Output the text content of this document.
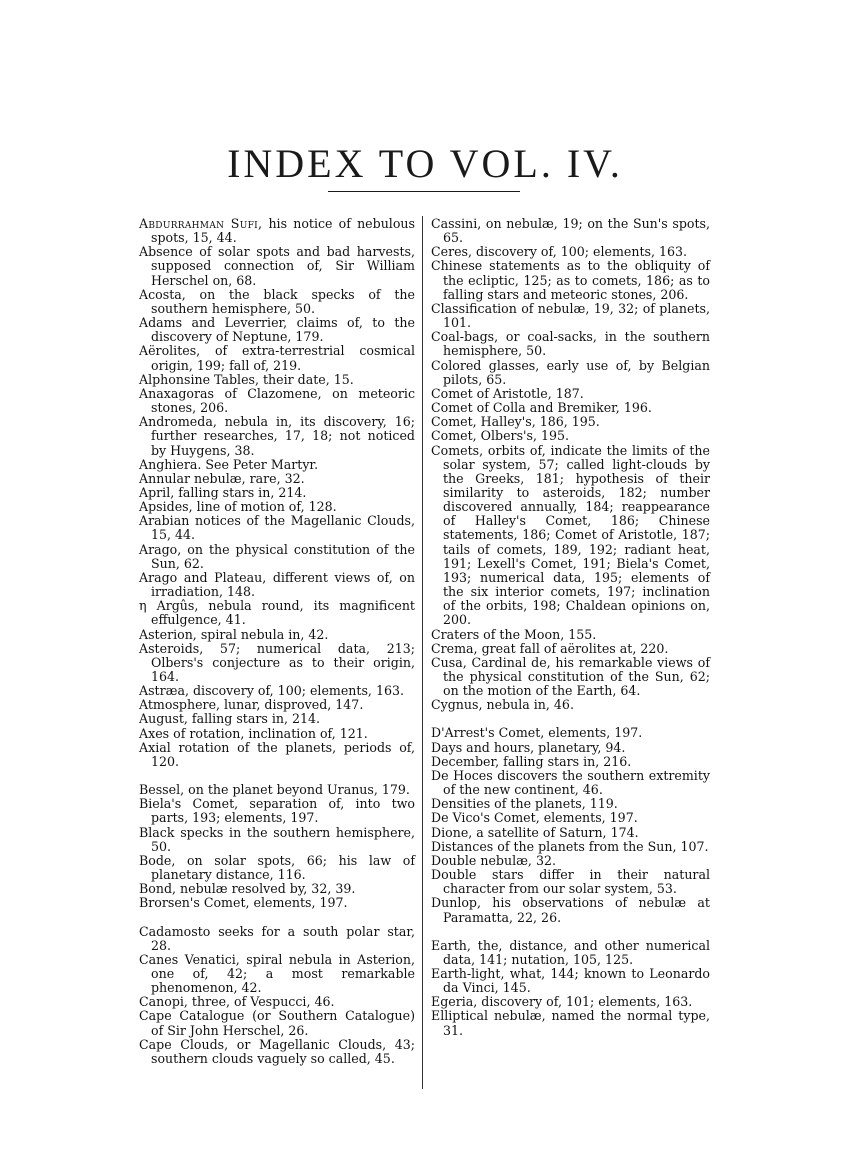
INDEX TO VOL. IV.

Abdurrahman Sufi, his notice of nebulous spots, 15, 44.

Absence of solar spots and bad harvests, supposed connection of, Sir William Herschel on, 68.

Acosta, on the black specks of the southern hemisphere, 50.

Adams and Leverrier, claims of, to the discovery of Neptune, 179.

Aërolites, of extra-terrestrial cosmical origin, 199; fall of, 219.

Alphonsine Tables, their date, 15.

Anaxagoras of Clazomene, on meteoric stones, 206.

Andromeda, nebula in, its discovery, 16; further researches, 17, 18; not noticed by Huygens, 38.

Anghiera. See Peter Martyr.

Annular nebulæ, rare, 32.

April, falling stars in, 214.

Apsides, line of motion of, 128.

Arabian notices of the Magellanic Clouds, 15, 44.

Arago, on the physical constitution of the Sun, 62.

Arago and Plateau, different views of, on irradiation, 148.

η Argûs, nebula round, its magnificent effulgence, 41.

Asterion, spiral nebula in, 42.

Asteroids, 57; numerical data, 213; Olbers's conjecture as to their origin, 164.

Astræa, discovery of, 100; elements, 163.

Atmosphere, lunar, disproved, 147.

August, falling stars in, 214.

Axes of rotation, inclination of, 121.

Axial rotation of the planets, periods of, 120.

Bessel, on the planet beyond Uranus, 179.

Biela's Comet, separation of, into two parts, 193; elements, 197.

Black specks in the southern hemisphere, 50.

Bode, on solar spots, 66; his law of planetary distance, 116.

Bond, nebulæ resolved by, 32, 39.

Brorsen's Comet, elements, 197.

Cadamosto seeks for a south polar star, 28.

Canes Venatici, spiral nebula in Asterion, one of, 42; a most remarkable phenomenon, 42.

Canopi, three, of Vespucci, 46.

Cape Catalogue (or Southern Catalogue) of Sir John Herschel, 26.

Cape Clouds, or Magellanic Clouds, 43; southern clouds vaguely so called, 45.

Cassini, on nebulæ, 19; on the Sun's spots, 65.

Ceres, discovery of, 100; elements, 163.

Chinese statements as to the obliquity of the ecliptic, 125; as to comets, 186; as to falling stars and meteoric stones, 206.

Classification of nebulæ, 19, 32; of planets, 101.

Coal-bags, or coal-sacks, in the southern hemisphere, 50.

Colored glasses, early use of, by Belgian pilots, 65.

Comet of Aristotle, 187.

Comet of Colla and Bremiker, 196.

Comet, Halley's, 186, 195.

Comet, Olbers's, 195.

Comets, orbits of, indicate the limits of the solar system, 57; called light-clouds by the Greeks, 181; hypothesis of their similarity to asteroids, 182; number discovered annually, 184; reappearance of Halley's Comet, 186; Chinese statements, 186; Comet of Aristotle, 187; tails of comets, 189, 192; radiant heat, 191; Lexell's Comet, 191; Biela's Comet, 193; numerical data, 195; elements of the six interior comets, 197; inclination of the orbits, 198; Chaldean opinions on, 200.

Craters of the Moon, 155.

Crema, great fall of aërolites at, 220.

Cusa, Cardinal de, his remarkable views of the physical constitution of the Sun, 62; on the motion of the Earth, 64.

Cygnus, nebula in, 46.

D'Arrest's Comet, elements, 197.

Days and hours, planetary, 94.

December, falling stars in, 216.

De Hoces discovers the southern extremity of the new continent, 46.

Densities of the planets, 119.

De Vico's Comet, elements, 197.

Dione, a satellite of Saturn, 174.

Distances of the planets from the Sun, 107.

Double nebulæ, 32.

Double stars differ in their natural character from our solar system, 53.

Dunlop, his observations of nebulæ at Paramatta, 22, 26.

Earth, the, distance, and other numerical data, 141; nutation, 105, 125.

Earth-light, what, 144; known to Leonardo da Vinci, 145.

Egeria, discovery of, 101; elements, 163.

Elliptical nebulæ, named the normal type, 31.
